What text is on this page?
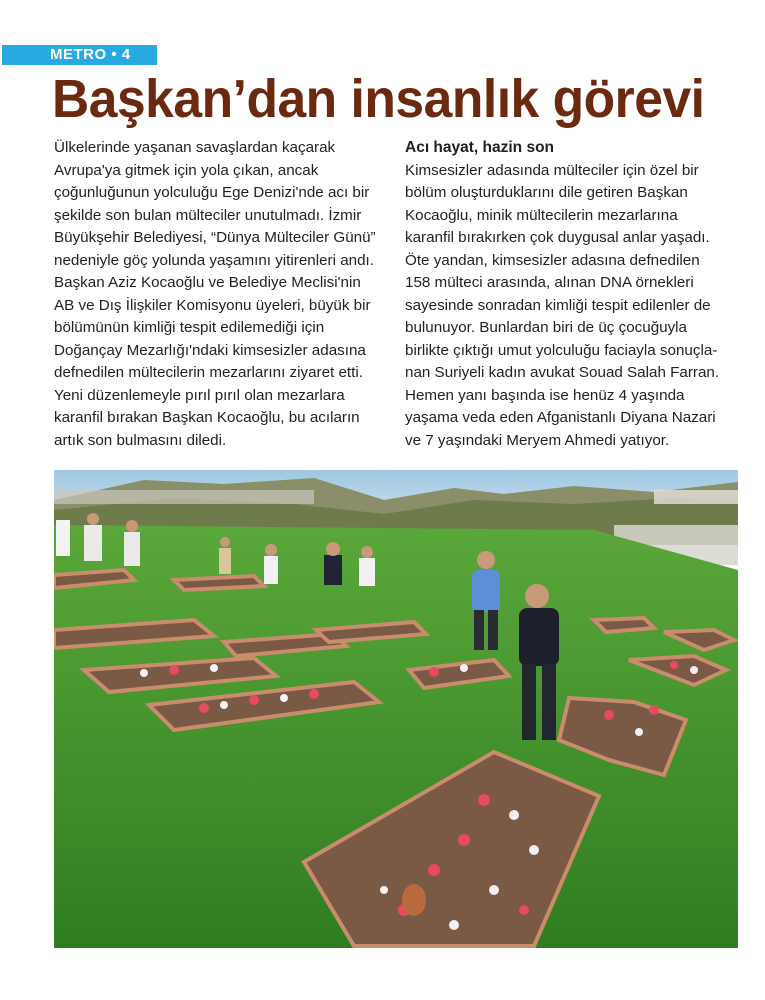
METRO • 4
Başkan’dan insanlık görevi
Ülkelerinde yaşanan savaşlardan kaçarak
Avrupa'ya gitmek için yola çıkan, ancak
çoğunluğunun yolculuğu Ege Denizi'nde acı bir
şekilde son bulan mülteciler unutulmadı. İzmir
Büyükşehir Belediyesi, “Dünya Mülteciler Günü”
nedeniyle göç yolunda yaşamını yitirenleri andı.
Başkan Aziz Kocaoğlu ve Belediye Meclisi'nin
AB ve Dış İlişkiler Komisyonu üyeleri, büyük bir
bölümünün kimliği tespit edilemediği için
Doğançay Mezarlığı'ndaki kimsesizler adasına
defnedilen mültecilerin mezarlarını ziyaret etti.
Yeni düzenlemeyle pırıl pırıl olan mezarlara
karanfil bırakan Başkan Kocaoğlu, bu acıların
artık son bulmasını diledi.
Acı hayat, hazin son
Kimsesizler adasında mülteciler için özel bir
bölüm oluşturduklarını dile getiren Başkan
Kocaoğlu, minik mültecilerin mezarlarına
karanfil bırakırken çok duygusal anlar yaşadı.
Öte yandan, kimsesizler adasına defnedilen
158 mülteci arasında, alınan DNA örnekleri
sayesinde sonradan kimliği tespit edilenler de
bulunuyor. Bunlardan biri de üç çocuğuyla
birlikte çıktığı umut yolculuğu faciayla sonuçla-
nan Suriyeli kadın avukat Souad Salah Farran.
Hemen yanı başında ise henüz 4 yaşında
yaşama veda eden Afganistanlı Diyana Nazari
ve 7 yaşındaki Meryem Ahmedi yatıyor.
